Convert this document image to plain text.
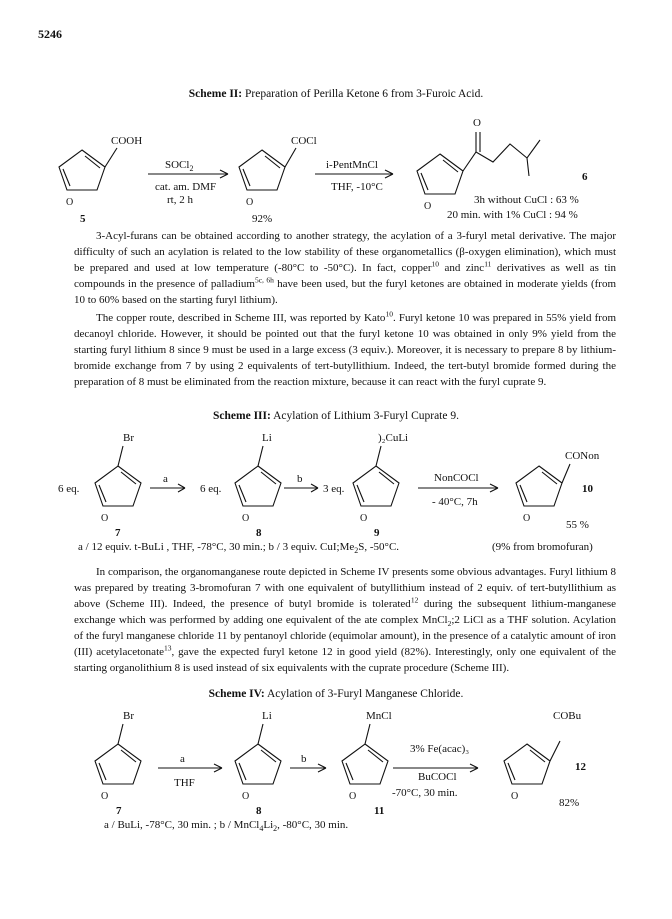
5246
Scheme II: Preparation of Perilla Ketone 6 from 3-Furoic Acid.
COOH
O
SOCl$_2$
cat. am. DMF
rt, 2 h
5
COCl
O
92%
i-PentMnCl
THF, -10°C
O
O
6
3h without CuCl : 63 %
20 min. with 1% CuCl : 94 %

3-Acyl-furans can be obtained according to another strategy, the acylation of a 3-furyl metal derivative. The major difficulty of such an acylation is related to the low stability of these organometallics (β-oxygen elimination), which must be prepared and used at low temperature (-80°C to -50°C). In fact, copper$^{10}$ and zinc$^{11}$ derivatives as well as tin compounds in the presence of palladium$^{5c, 6h}$ have been used, but the furyl ketones are obtained in moderate yields (from 10 to 60% based on the starting furyl lithium).

The copper route, described in Scheme III, was reported by Kato$^{10}$. Furyl ketone 10 was prepared in 55% yield from decanoyl chloride. However, it should be pointed out that the furyl ketone 10 was obtained in only 9% yield from the starting furyl lithium 8 since 9 must be used in a large excess (3 equiv.). Moreover, it is necessary to prepare 8 by lithium-bromide exchange from 7 by using 2 equivalents of tert-butyllithium. Indeed, the tert-butyl bromide formed during the preparation of 8 must be eliminated from the reaction mixture, because it can react with the furyl cuprate 9.

Scheme III: Acylation of Lithium 3-Furyl Cuprate 9.
Br
6 eq.
a
O
7
Li
6 eq.
b
O
8
)₂CuLi
3 eq.
O
9
NonCOCl
- 40°C, 7h
CONon
10
O
55 %
a / 12 equiv. t-BuLi , THF, -78°C, 30 min.; b / 3 equiv. $CuI;Me_2S$, -50°C.	(9% from bromofuran)

In comparison, the organomanganese route depicted in Scheme IV presents some obvious advantages. Furyl lithium 8 was prepared by treating 3-bromofuran 7 with one equivalent of butyllithium instead of 2 equiv. of tert-butyllithium as above (Scheme III). Indeed, the presence of butyl bromide is tolerated$^{12}$ during the subsequent lithium-manganese exchange which was performed by adding one equivalent of the ate complex MnCl$_2$;2 LiCl as a THF solution. Acylation of the furyl manganese chloride 11 by pentanoyl chloride (equimolar amount), in the presence of a catalytic amount of iron (III) acetylacetonate$^{13}$, gave the expected furyl ketone 12 in good yield (82%). Interestingly, only one equivalent of the starting organolithium 8 is used instead of six equivalents with the cuprate procedure (Scheme III).

Scheme IV: Acylation of 3-Furyl Manganese Chloride.
Br
a
THF
O
7
Li
b
O
8
MnCl
O
11
3% Fe(acac)₃
BuCOCl
-70°C, 30 min.
COBu
12
O
82%
a / BuLi, -78°C, 30 min. ; b / $MnCl_4Li_2$, -80°C, 30 min.
